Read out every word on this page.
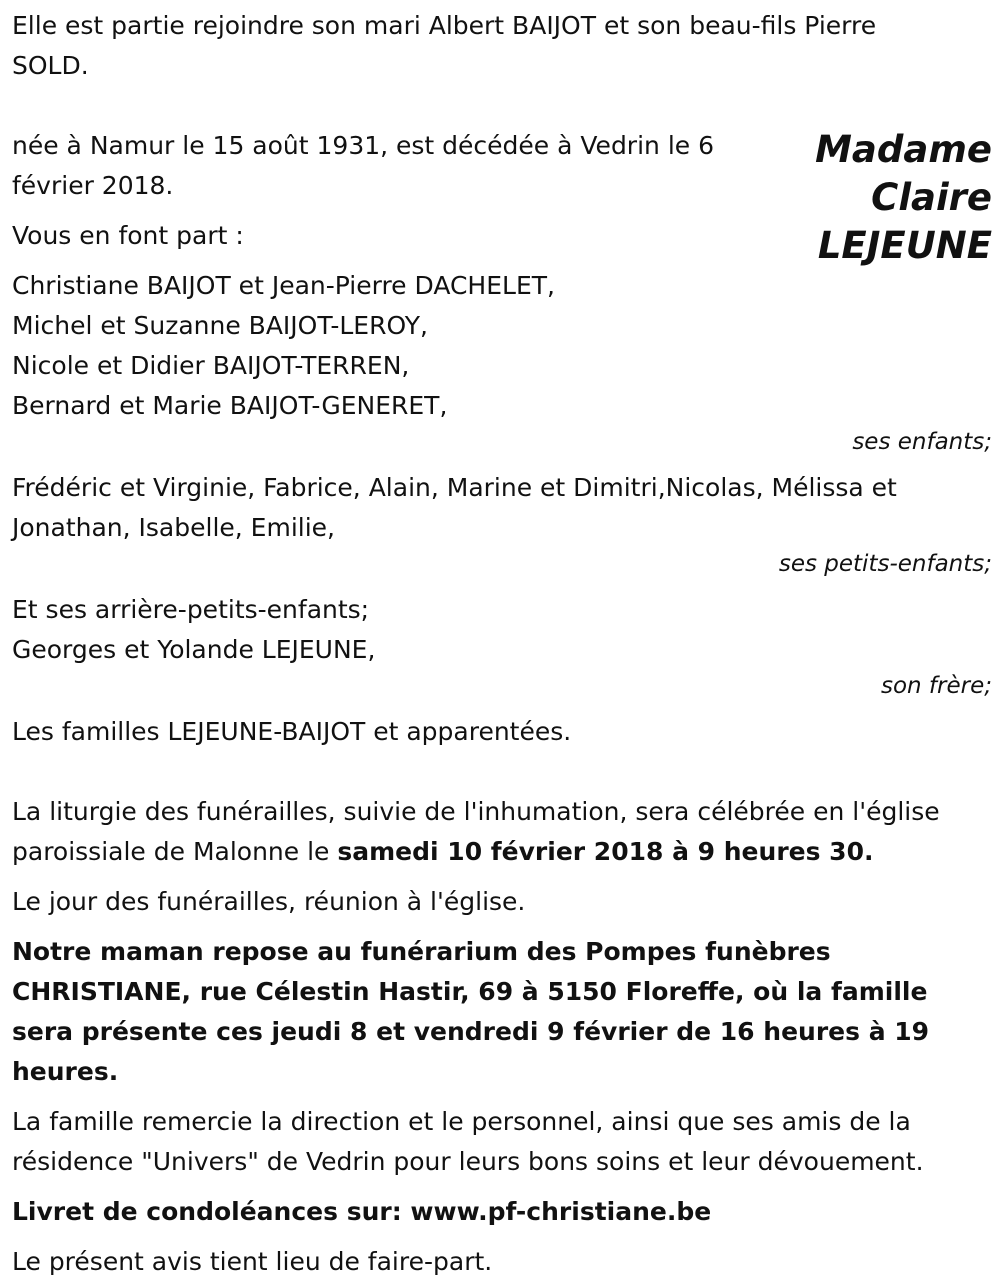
Elle est partie rejoindre son mari Albert BAIJOT et son beau-fils Pierre SOLD.

née à Namur le 15 août 1931, est décédée à Vedrin le 6 février 2018.

Vous en font part :

Madame
Claire
LEJEUNE

Christiane BAIJOT et Jean-Pierre DACHELET,

Michel et Suzanne BAIJOT-LEROY,

Nicole et Didier BAIJOT-TERREN,

Bernard et Marie BAIJOT-GENERET,

ses enfants;

Frédéric et Virginie, Fabrice, Alain, Marine et Dimitri,Nicolas, Mélissa et Jonathan, Isabelle, Emilie,

ses petits-enfants;

Et ses arrière-petits-enfants;

Georges et Yolande LEJEUNE,

son frère;

Les familles LEJEUNE-BAIJOT et apparentées.

La liturgie des funérailles, suivie de l'inhumation, sera célébrée en l'église paroissiale de Malonne le samedi 10 février 2018 à 9 heures 30.

Le jour des funérailles, réunion à l'église.

Notre maman repose au funérarium des Pompes funèbres CHRISTIANE, rue Célestin Hastir, 69 à 5150 Floreffe, où la famille sera présente ces jeudi 8 et vendredi 9 février de 16 heures à 19 heures.

La famille remercie la direction et le personnel, ainsi que ses amis de la résidence "Univers" de Vedrin pour leurs bons soins et leur dévouement.

Livret de condoléances sur: www.pf-christiane.be

Le présent avis tient lieu de faire-part.
